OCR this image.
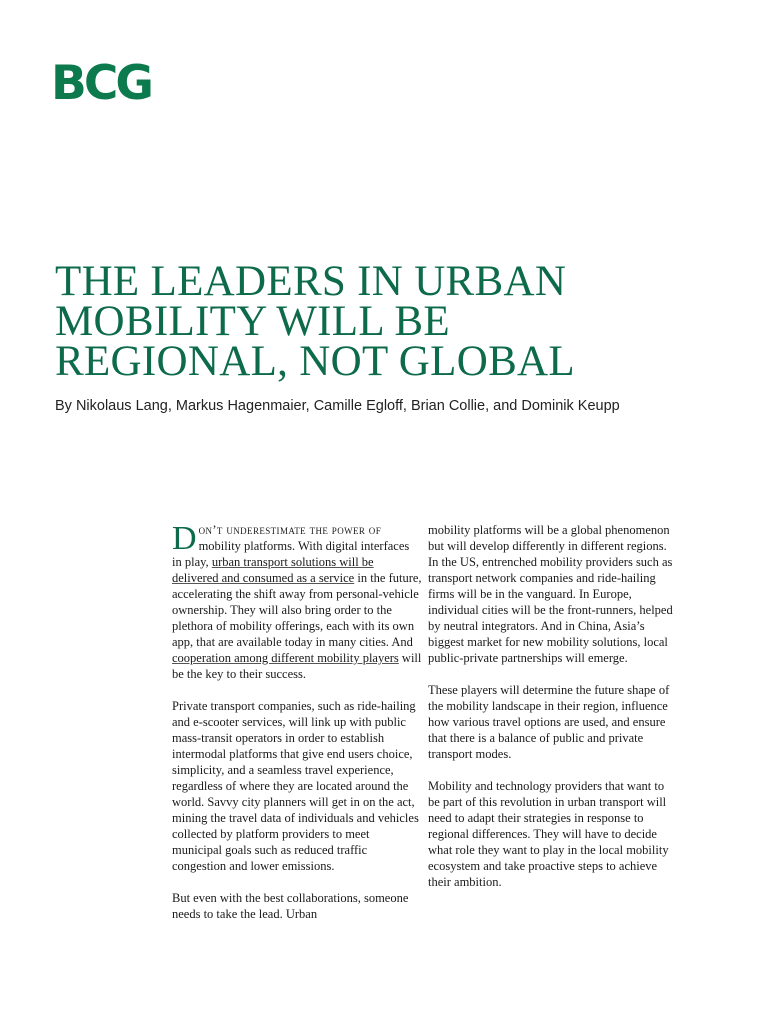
BCG
THE LEADERS IN URBAN
MOBILITY WILL BE
REGIONAL, NOT GLOBAL
By Nikolaus Lang, Markus Hagenmaier, Camille Egloff, Brian Collie, and Dominik Keupp

Don’t underestimate the power of mobility platforms. With digital interfaces in play, urban transport solutions will be delivered and consumed as a service in the future, accelerating the shift away from personal-vehicle ownership. They will also bring order to the plethora of mobility offerings, each with its own app, that are available today in many cities. And cooperation among different mobility players will be the key to their success.

Private transport companies, such as ride-hailing and e-scooter services, will link up with public mass-transit operators in order to establish intermodal platforms that give end users choice, simplicity, and a seamless travel experience, regardless of where they are located around the world. Savvy city planners will get in on the act, mining the travel data of individuals and vehicles collected by platform providers to meet municipal goals such as reduced traffic congestion and lower emissions.

But even with the best collaborations, someone needs to take the lead. Urban

mobility platforms will be a global phenomenon but will develop differently in different regions. In the US, entrenched mobility providers such as transport network companies and ride-hailing firms will be in the vanguard. In Europe, individual cities will be the front-runners, helped by neutral integrators. And in China, Asia’s biggest market for new mobility solutions, local public-private partnerships will emerge.

These players will determine the future shape of the mobility landscape in their region, influence how various travel options are used, and ensure that there is a balance of public and private transport modes.

Mobility and technology providers that want to be part of this revolution in urban transport will need to adapt their strategies in response to regional differences. They will have to decide what role they want to play in the local mobility ecosystem and take proactive steps to achieve their ambition.
